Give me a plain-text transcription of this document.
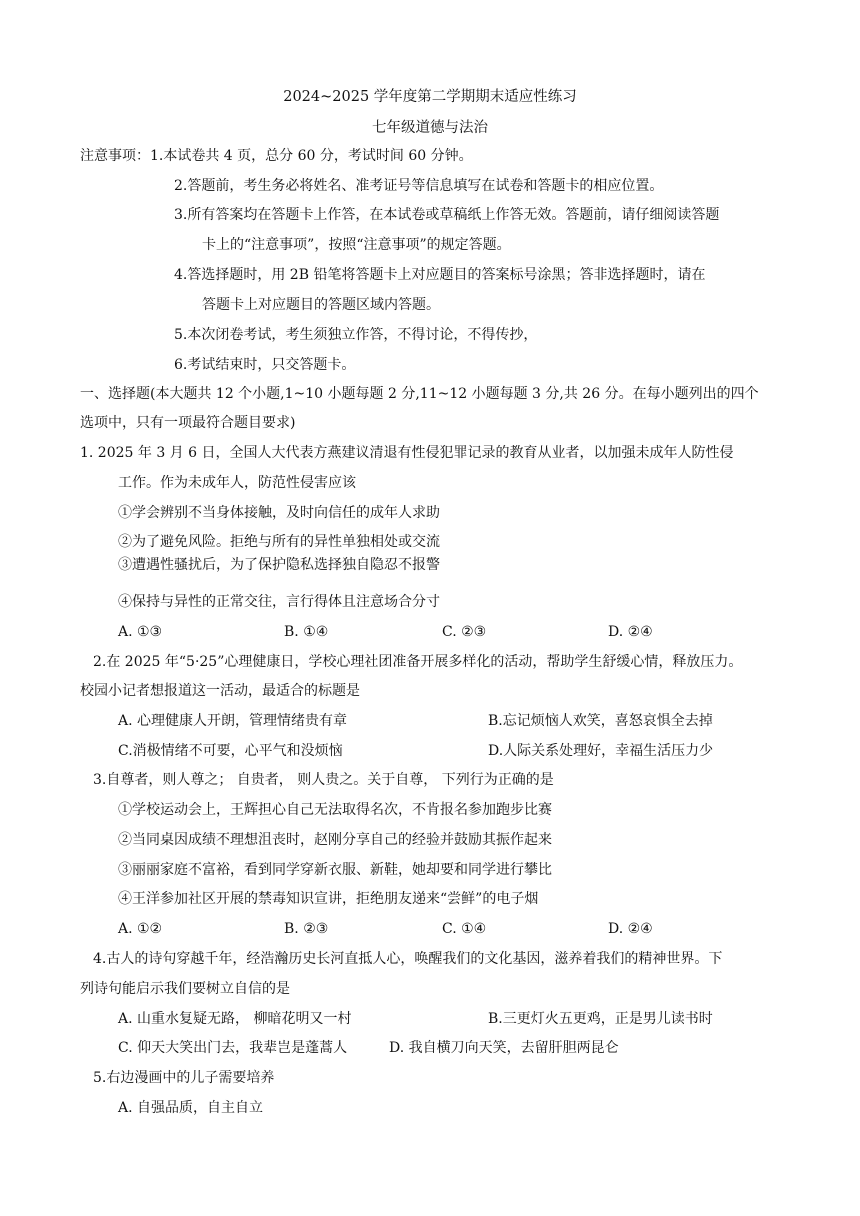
2024~2025 学年度第二学期期末适应性练习
七年级道德与法治
注意事项：1.本试卷共 4 页，总分 60 分，考试时间 60 分钟。
2.答题前，考生务必将姓名、准考证号等信息填写在试卷和答题卡的相应位置。
3.所有答案均在答题卡上作答，在本试卷或草稿纸上作答无效。答题前，请仔细阅读答题
卡上的“注意事项”，按照“注意事项”的规定答题。
4.答选择题时，用 2B 铅笔将答题卡上对应题目的答案标号涂黑；答非选择题时，请在
答题卡上对应题目的答题区域内答题。
5.本次闭卷考试，考生须独立作答，不得讨论，不得传抄，
6.考试结束时，只交答题卡。
一、选择题(本大题共 12 个小题,1~10 小题每题 2 分,11~12 小题每题 3 分,共 26 分。在每小题列出的四个
选项中，只有一项最符合题目要求)
1. 2025 年 3 月 6 日，全国人大代表方燕建议清退有性侵犯罪记录的教育从业者，以加强未成年人防性侵
工作。作为未成年人，防范性侵害应该
①学会辨别不当身体接触，及时向信任的成年人求助
②为了避免风险。拒绝与所有的异性单独相处或交流
③遭遇性骚扰后，为了保护隐私选择独自隐忍不报警
④保持与异性的正常交往，言行得体且注意场合分寸
A. ①③	B. ①④	C. ②③	D. ②④
2.在 2025 年“5·25”心理健康日，学校心理社团准备开展多样化的活动，帮助学生舒缓心情，释放压力。
校园小记者想报道这一活动，最适合的标题是
A. 心理健康人开朗，管理情绪贵有章	B.忘记烦恼人欢笑，喜怒哀惧全去掉
C.消极情绪不可要，心平气和没烦恼	D.人际关系处理好，幸福生活压力少
3.自尊者，则人尊之； 自贵者， 则人贵之。关于自尊， 下列行为正确的是
①学校运动会上，王辉担心自己无法取得名次，不肯报名参加跑步比赛
②当同桌因成绩不理想沮丧时，赵刚分享自己的经验并鼓励其振作起来
③丽丽家庭不富裕，看到同学穿新衣服、新鞋，她却要和同学进行攀比
④王洋参加社区开展的禁毒知识宣讲，拒绝朋友递来“尝鲜”的电子烟
A. ①②	B. ②③	C. ①④	D. ②④
4.古人的诗句穿越千年，经浩瀚历史长河直抵人心，唤醒我们的文化基因，滋养着我们的精神世界。下
列诗句能启示我们要树立自信的是
A. 山重水复疑无路， 柳暗花明又一村	B.三更灯火五更鸡，正是男儿读书时
C. 仰天大笑出门去，我辈岂是蓬蒿人	D. 我自横刀向天笑，去留肝胆两昆仑
5.右边漫画中的儿子需要培养
A. 自强品质，自主自立
